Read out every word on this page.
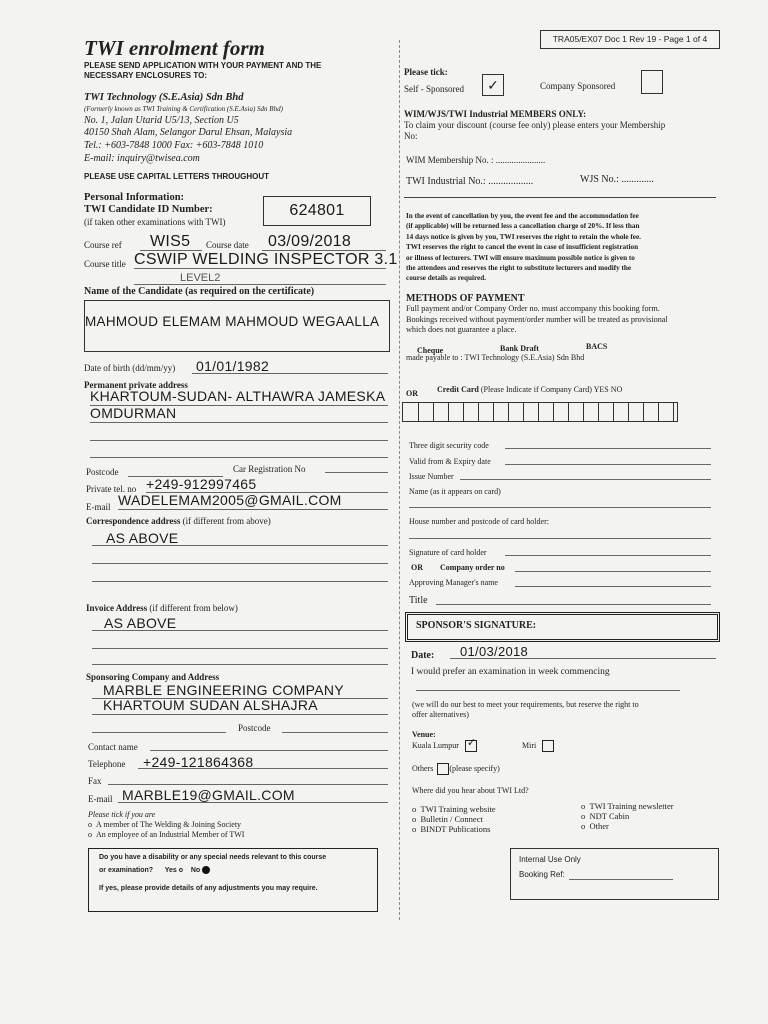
TRA05/EX07 Doc 1 Rev 19 - Page 1 of 4
TWI enrolment form
PLEASE SEND APPLICATION WITH YOUR PAYMENT AND THE
NECESSARY ENCLOSURES TO:
TWI Technology (S.E.Asia) Sdn Bhd
(Formerly known as TWI Training & Certification (S.E.Asia) Sdn Bhd)
No. 1, Jalan Utarid U5/13, Section U5
40150 Shah Alam, Selangor Darul Ehsan, Malaysia
Tel.: +603-7848 1000 Fax: +603-7848 1010
E-mail: inquiry@twisea.com
PLEASE USE CAPITAL LETTERS THROUGHOUT
Personal Information:
TWI Candidate ID Number:
(if taken other examinations with TWI)
624801
Course ref WIS5 Course date 03/09/2018
Course title CSWIP WELDING INSPECTOR 3.1
LEVEL2
Name of the Candidate (as required on the certificate)
MAHMOUD ELEMAM MAHMOUD WEGAALLA
Date of birth (dd/mm/yy) 01/01/1982
Permanent private address
KHARTOUM-SUDAN- ALTHAWRA JAMESKA
OMDURMAN
Postcode	Car Registration No
Private tel. no +249-912997465
E-mail WADELEMAM2005@GMAIL.COM
Correspondence address (if different from above)
AS ABOVE
Invoice Address (if different from below)
AS ABOVE
Sponsoring Company and Address
MARBLE ENGINEERING COMPANY
KHARTOUM SUDAN ALSHAJRA
Postcode
Contact name
Telephone +249-121864368
Fax
E-mail MARBLE19@GMAIL.COM
Please tick if you are
o  A member of The Welding & Joining Society
o  An employee of an Industrial Member of TWI
Do you have a disability or any special needs relevant to this course
or examination? Yes o No
If yes, please provide details of any adjustments you may require.
Please tick:
Self - Sponsored ✓	Company Sponsored
WIM/WJS/TWI Industrial MEMBERS ONLY:
To claim your discount (course fee only) please enters your Membership
No:
WIM Membership No. : ......................
TWI Industrial No.: ..................	WJS No.: .............
In the event of cancellation by you, the event fee and the accommodation fee
(if applicable) will be returned less a cancellation charge of 20%. If less than
14 days notice is given by you, TWI reserves the right to retain the whole fee.
TWI reserves the right to cancel the event in case of insufficient registration
or illness of lecturers. TWI will ensure maximum possible notice is given to
the attendees and reserves the right to substitute lecturers and modify the
course details as required.
METHODS OF PAYMENT
Full payment and/or Company Order no. must accompany this booking form.
Bookings received without payment/order number will be treated as provisional
which does not guarantee a place.
Cheque	Bank Draft	BACS
made payable to : TWI Technology (S.E.Asia) Sdn Bhd
OR Credit Card (Please Indicate if Company Card) YES NO
Three digit security code
Valid from & Expiry date
Issue Number
Name (as it appears on card)
House number and postcode of card holder:
Signature of card holder
OR Company order no
Approving Manager's name
Title
SPONSOR'S SIGNATURE:
Date: 01/03/2018
I would prefer an examination in week commencing
(we will do our best to meet your requirements, but reserve the right to
offer alternatives)
Venue:
Kuala Lumpur ✓	Miri
Others (please specify)
Where did you hear about TWI Ltd?
o  TWI Training website
o  Bulletin / Connect
o  BINDT Publications
o  TWI Training newsletter
o  NDT Cabin
o  Other
Internal Use Only
Booking Ref:
